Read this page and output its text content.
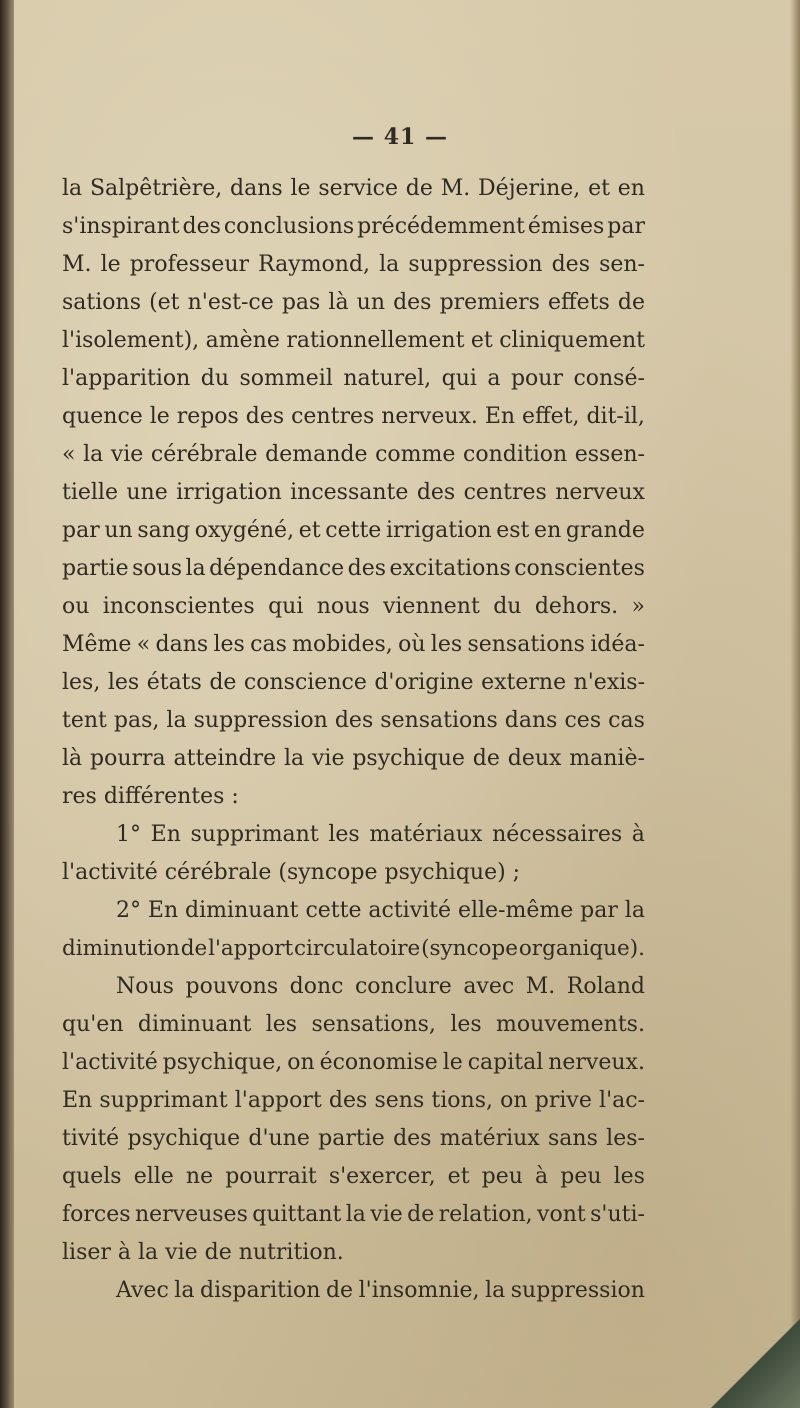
— 41 —
la Salpêtrière, dans le service de M. Déjerine, et en
s'inspirant des conclusions précédemment émises par
M. le professeur Raymond, la suppression des sen-
sations (et n'est-ce pas là un des premiers effets de
l'isolement), amène rationnellement et cliniquement
l'apparition du sommeil naturel, qui a pour consé-
quence le repos des centres nerveux. En effet, dit-il,
« la vie cérébrale demande comme condition essen-
tielle une irrigation incessante des centres nerveux
par un sang oxygéné, et cette irrigation est en grande
partie sous la dépendance des excitations conscientes
ou inconscientes qui nous viennent du dehors. »
Même « dans les cas mobides, où les sensations idéa-
les, les états de conscience d'origine externe n'exis-
tent pas, la suppression des sensations dans ces cas
là pourra atteindre la vie psychique de deux maniè-
res différentes :
1° En supprimant les matériaux nécessaires à
l'activité cérébrale (syncope psychique) ;
2° En diminuant cette activité elle-même par la
diminution de l'apport circulatoire (syncope organique).
Nous pouvons donc conclure avec M. Roland
qu'en diminuant les sensations, les mouvements.
l'activité psychique, on économise le capital nerveux.
En supprimant l'apport des sens tions, on prive l'ac-
tivité psychique d'une partie des matériux sans les-
quels elle ne pourrait s'exercer, et peu à peu les
forces nerveuses quittant la vie de relation, vont s'uti-
liser à la vie de nutrition.
Avec la disparition de l'insomnie, la suppression
